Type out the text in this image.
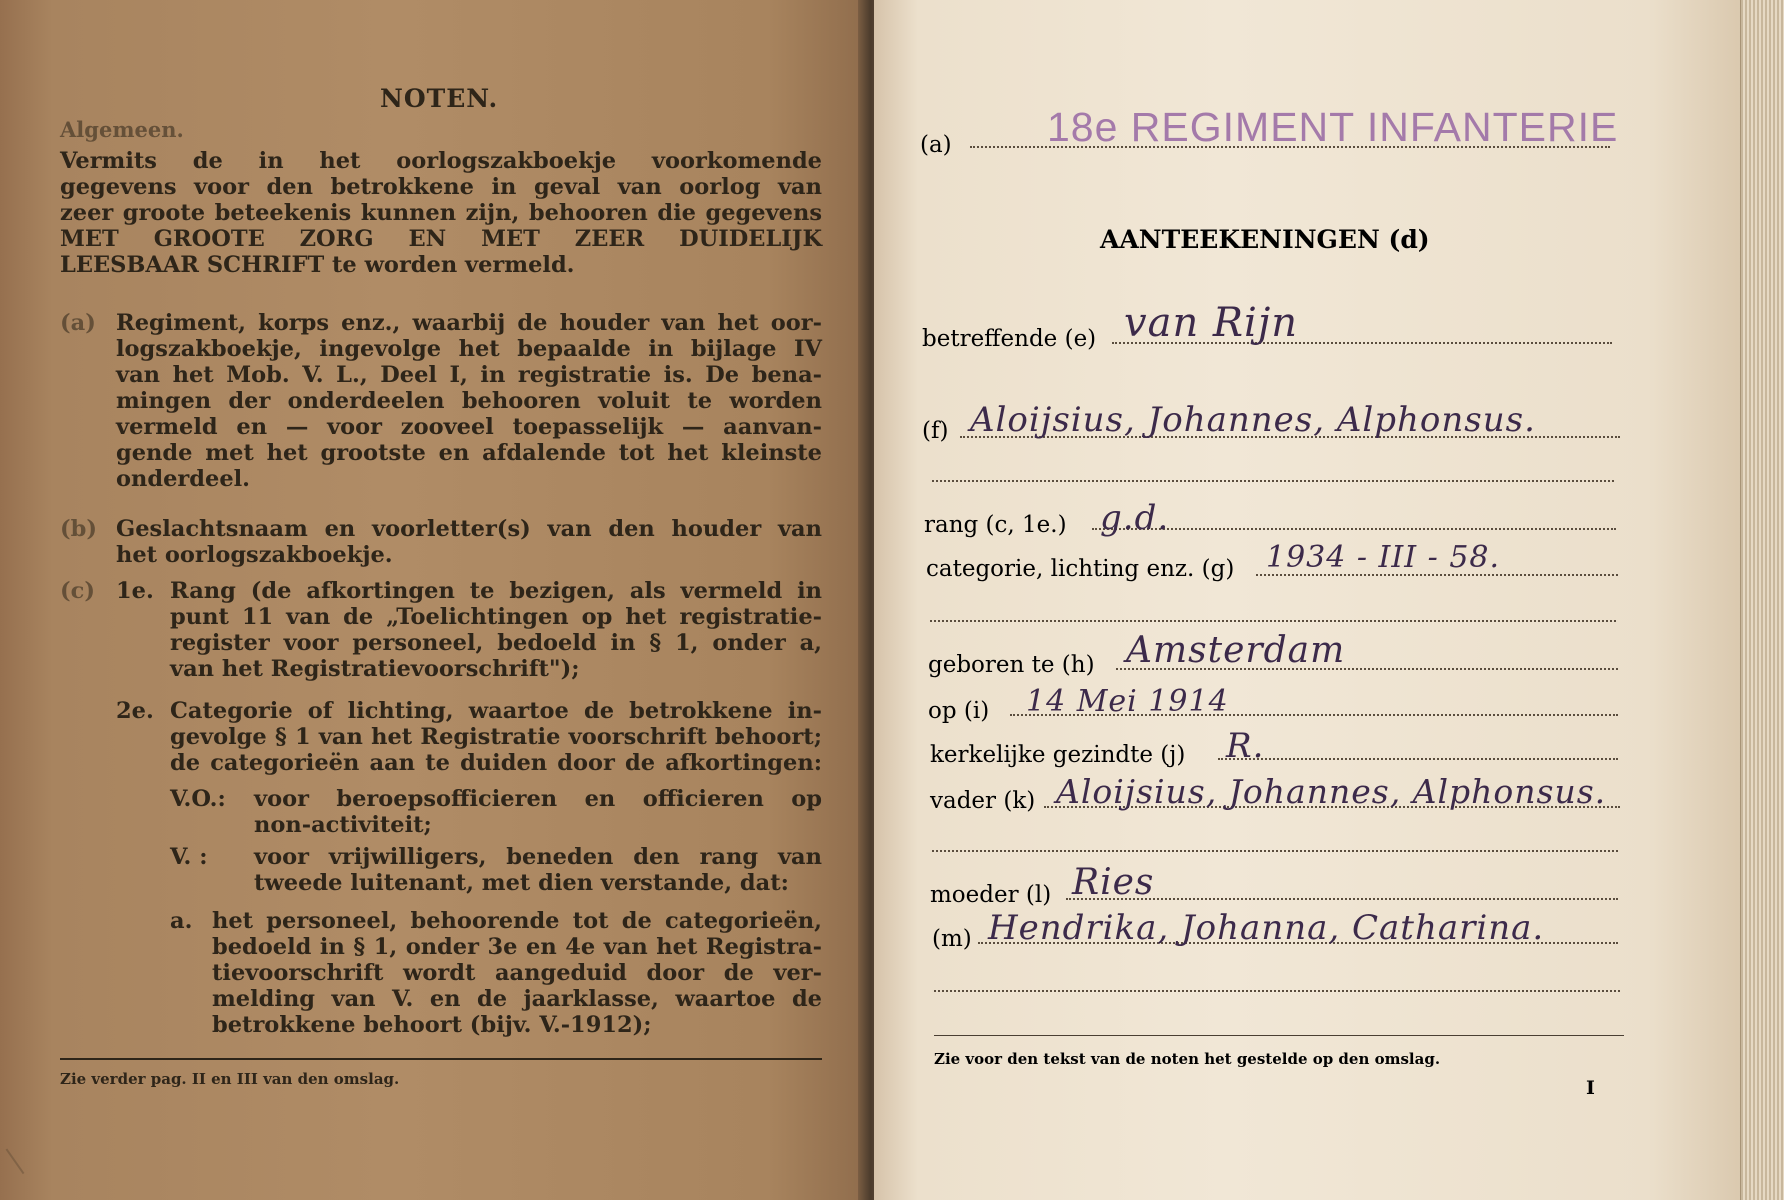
NOTEN.
Algemeen.
Vermits de in het oorlogszakboekje voorkomende
gegevens voor den betrokkene in geval van oorlog van
zeer groote beteekenis kunnen zijn, behooren die gegevens
MET GROOTE ZORG EN MET ZEER DUIDELIJK
LEESBAAR SCHRIFT te worden vermeld.
(a) Regiment, korps enz., waarbij de houder van het oor-
logszakboekje, ingevolge het bepaalde in bijlage IV
van het Mob. V. L., Deel I, in registratie is. De bena-
mingen der onderdeelen behooren voluit te worden
vermeld en — voor zooveel toepasselijk — aanvan-
gende met het grootste en afdalende tot het kleinste
onderdeel.
(b) Geslachtsnaam en voorletter(s) van den houder van
het oorlogszakboekje.
(c) 1e. Rang (de afkortingen te bezigen, als vermeld in
punt 11 van de „Toelichtingen op het registratie-
register voor personeel, bedoeld in § 1, onder a,
van het Registratievoorschrift");
2e. Categorie of lichting, waartoe de betrokkene in-
gevolge § 1 van het Registratie voorschrift behoort;
de categorieën aan te duiden door de afkortingen:
V.O.: voor beroepsofficieren en officieren op
non-activiteit;
V. : voor vrijwilligers, beneden den rang van
tweede luitenant, met dien verstande, dat:
a. het personeel, behoorende tot de categorieën,
bedoeld in § 1, onder 3e en 4e van het Registra-
tievoorschrift wordt aangeduid door de ver-
melding van V. en de jaarklasse, waartoe de
betrokkene behoort (bijv. V.-1912);
Zie verder pag. II en III van den omslag.
(a) 18e REGIMENT INFANTERIE
AANTEEKENINGEN (d)
betreffende (e) van Rijn
(f) Aloijsius, Johannes, Alphonsus.
rang (c, 1e.) g.d.
categorie, lichting enz. (g) 1934 - III - 58.
geboren te (h) Amsterdam
op (i) 14 Mei 1914
kerkelijke gezindte (j) R.
vader (k) Aloijsius, Johannes, Alphonsus.
moeder (l) Ries
(m) Hendrika, Johanna, Catharina.
Zie voor den tekst van de noten het gestelde op den omslag.
I
